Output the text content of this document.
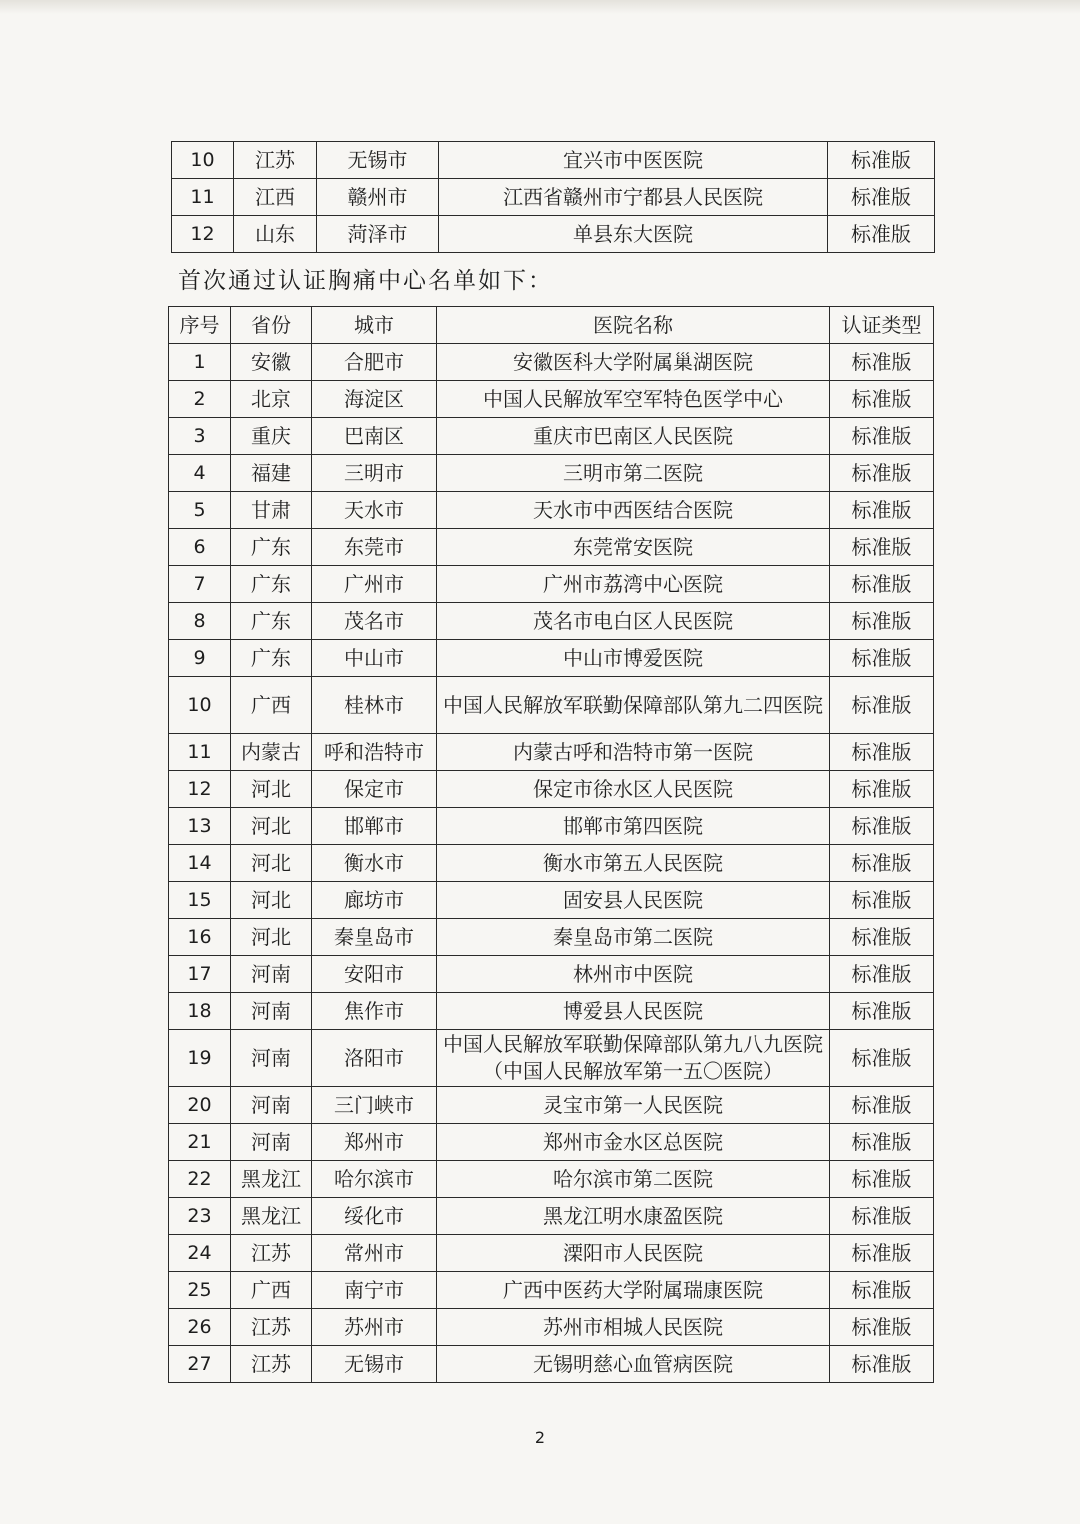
10	江苏	无锡市	宜兴市中医医院	标准版
11	江西	赣州市	江西省赣州市宁都县人民医院	标准版
12	山东	菏泽市	单县东大医院	标准版

首次通过认证胸痛中心名单如下：

序号	省份	城市	医院名称	认证类型
1	安徽	合肥市	安徽医科大学附属巢湖医院	标准版
2	北京	海淀区	中国人民解放军空军特色医学中心	标准版
3	重庆	巴南区	重庆市巴南区人民医院	标准版
4	福建	三明市	三明市第二医院	标准版
5	甘肃	天水市	天水市中西医结合医院	标准版
6	广东	东莞市	东莞常安医院	标准版
7	广东	广州市	广州市荔湾中心医院	标准版
8	广东	茂名市	茂名市电白区人民医院	标准版
9	广东	中山市	中山市博爱医院	标准版
10	广西	桂林市	中国人民解放军联勤保障部队第九二四医院	标准版
11	内蒙古	呼和浩特市	内蒙古呼和浩特市第一医院	标准版
12	河北	保定市	保定市徐水区人民医院	标准版
13	河北	邯郸市	邯郸市第四医院	标准版
14	河北	衡水市	衡水市第五人民医院	标准版
15	河北	廊坊市	固安县人民医院	标准版
16	河北	秦皇岛市	秦皇岛市第二医院	标准版
17	河南	安阳市	林州市中医院	标准版
18	河南	焦作市	博爱县人民医院	标准版
19	河南	洛阳市	中国人民解放军联勤保障部队第九八九医院（中国人民解放军第一五〇医院）	标准版
20	河南	三门峡市	灵宝市第一人民医院	标准版
21	河南	郑州市	郑州市金水区总医院	标准版
22	黑龙江	哈尔滨市	哈尔滨市第二医院	标准版
23	黑龙江	绥化市	黑龙江明水康盈医院	标准版
24	江苏	常州市	溧阳市人民医院	标准版
25	广西	南宁市	广西中医药大学附属瑞康医院	标准版
26	江苏	苏州市	苏州市相城人民医院	标准版
27	江苏	无锡市	无锡明慈心血管病医院	标准版
2
